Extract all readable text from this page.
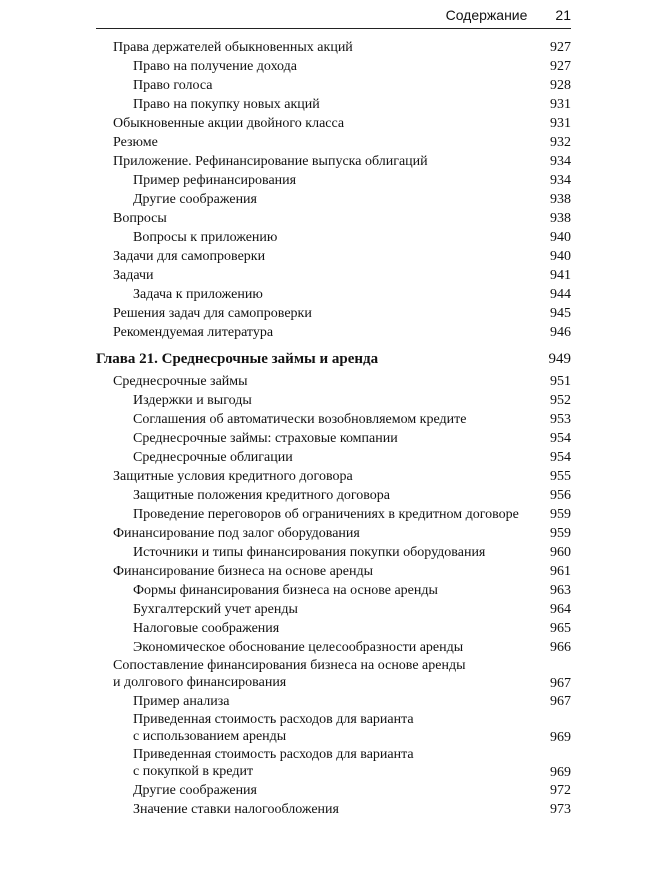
Содержание 21
Права держателей обыкновенных акций	927
Право на получение дохода	927
Право голоса	928
Право на покупку новых акций	931
Обыкновенные акции двойного класса	931
Резюме	932
Приложение. Рефинансирование выпуска облигаций	934
Пример рефинансирования	934
Другие соображения	938
Вопросы	938
Вопросы к приложению	940
Задачи для самопроверки	940
Задачи	941
Задача к приложению	944
Решения задач для самопроверки	945
Рекомендуемая литература	946
Глава 21. Среднесрочные займы и аренда	949
Среднесрочные займы	951
Издержки и выгоды	952
Соглашения об автоматически возобновляемом кредите	953
Среднесрочные займы: страховые компании	954
Среднесрочные облигации	954
Защитные условия кредитного договора	955
Защитные положения кредитного договора	956
Проведение переговоров об ограничениях в кредитном договоре 959
Финансирование под залог оборудования	959
Источники и типы финансирования покупки оборудования	960
Финансирование бизнеса на основе аренды	961
Формы финансирования бизнеса на основе аренды	963
Бухгалтерский учет аренды	964
Налоговые соображения	965
Экономическое обоснование целесообразности аренды	966
Сопоставление финансирования бизнеса на основе аренды
и долгового финансирования	967
Пример анализа	967
Приведенная стоимость расходов для варианта
с использованием аренды	969
Приведенная стоимость расходов для варианта
с покупкой в кредит	969
Другие соображения	972
Значение ставки налогообложения	973
